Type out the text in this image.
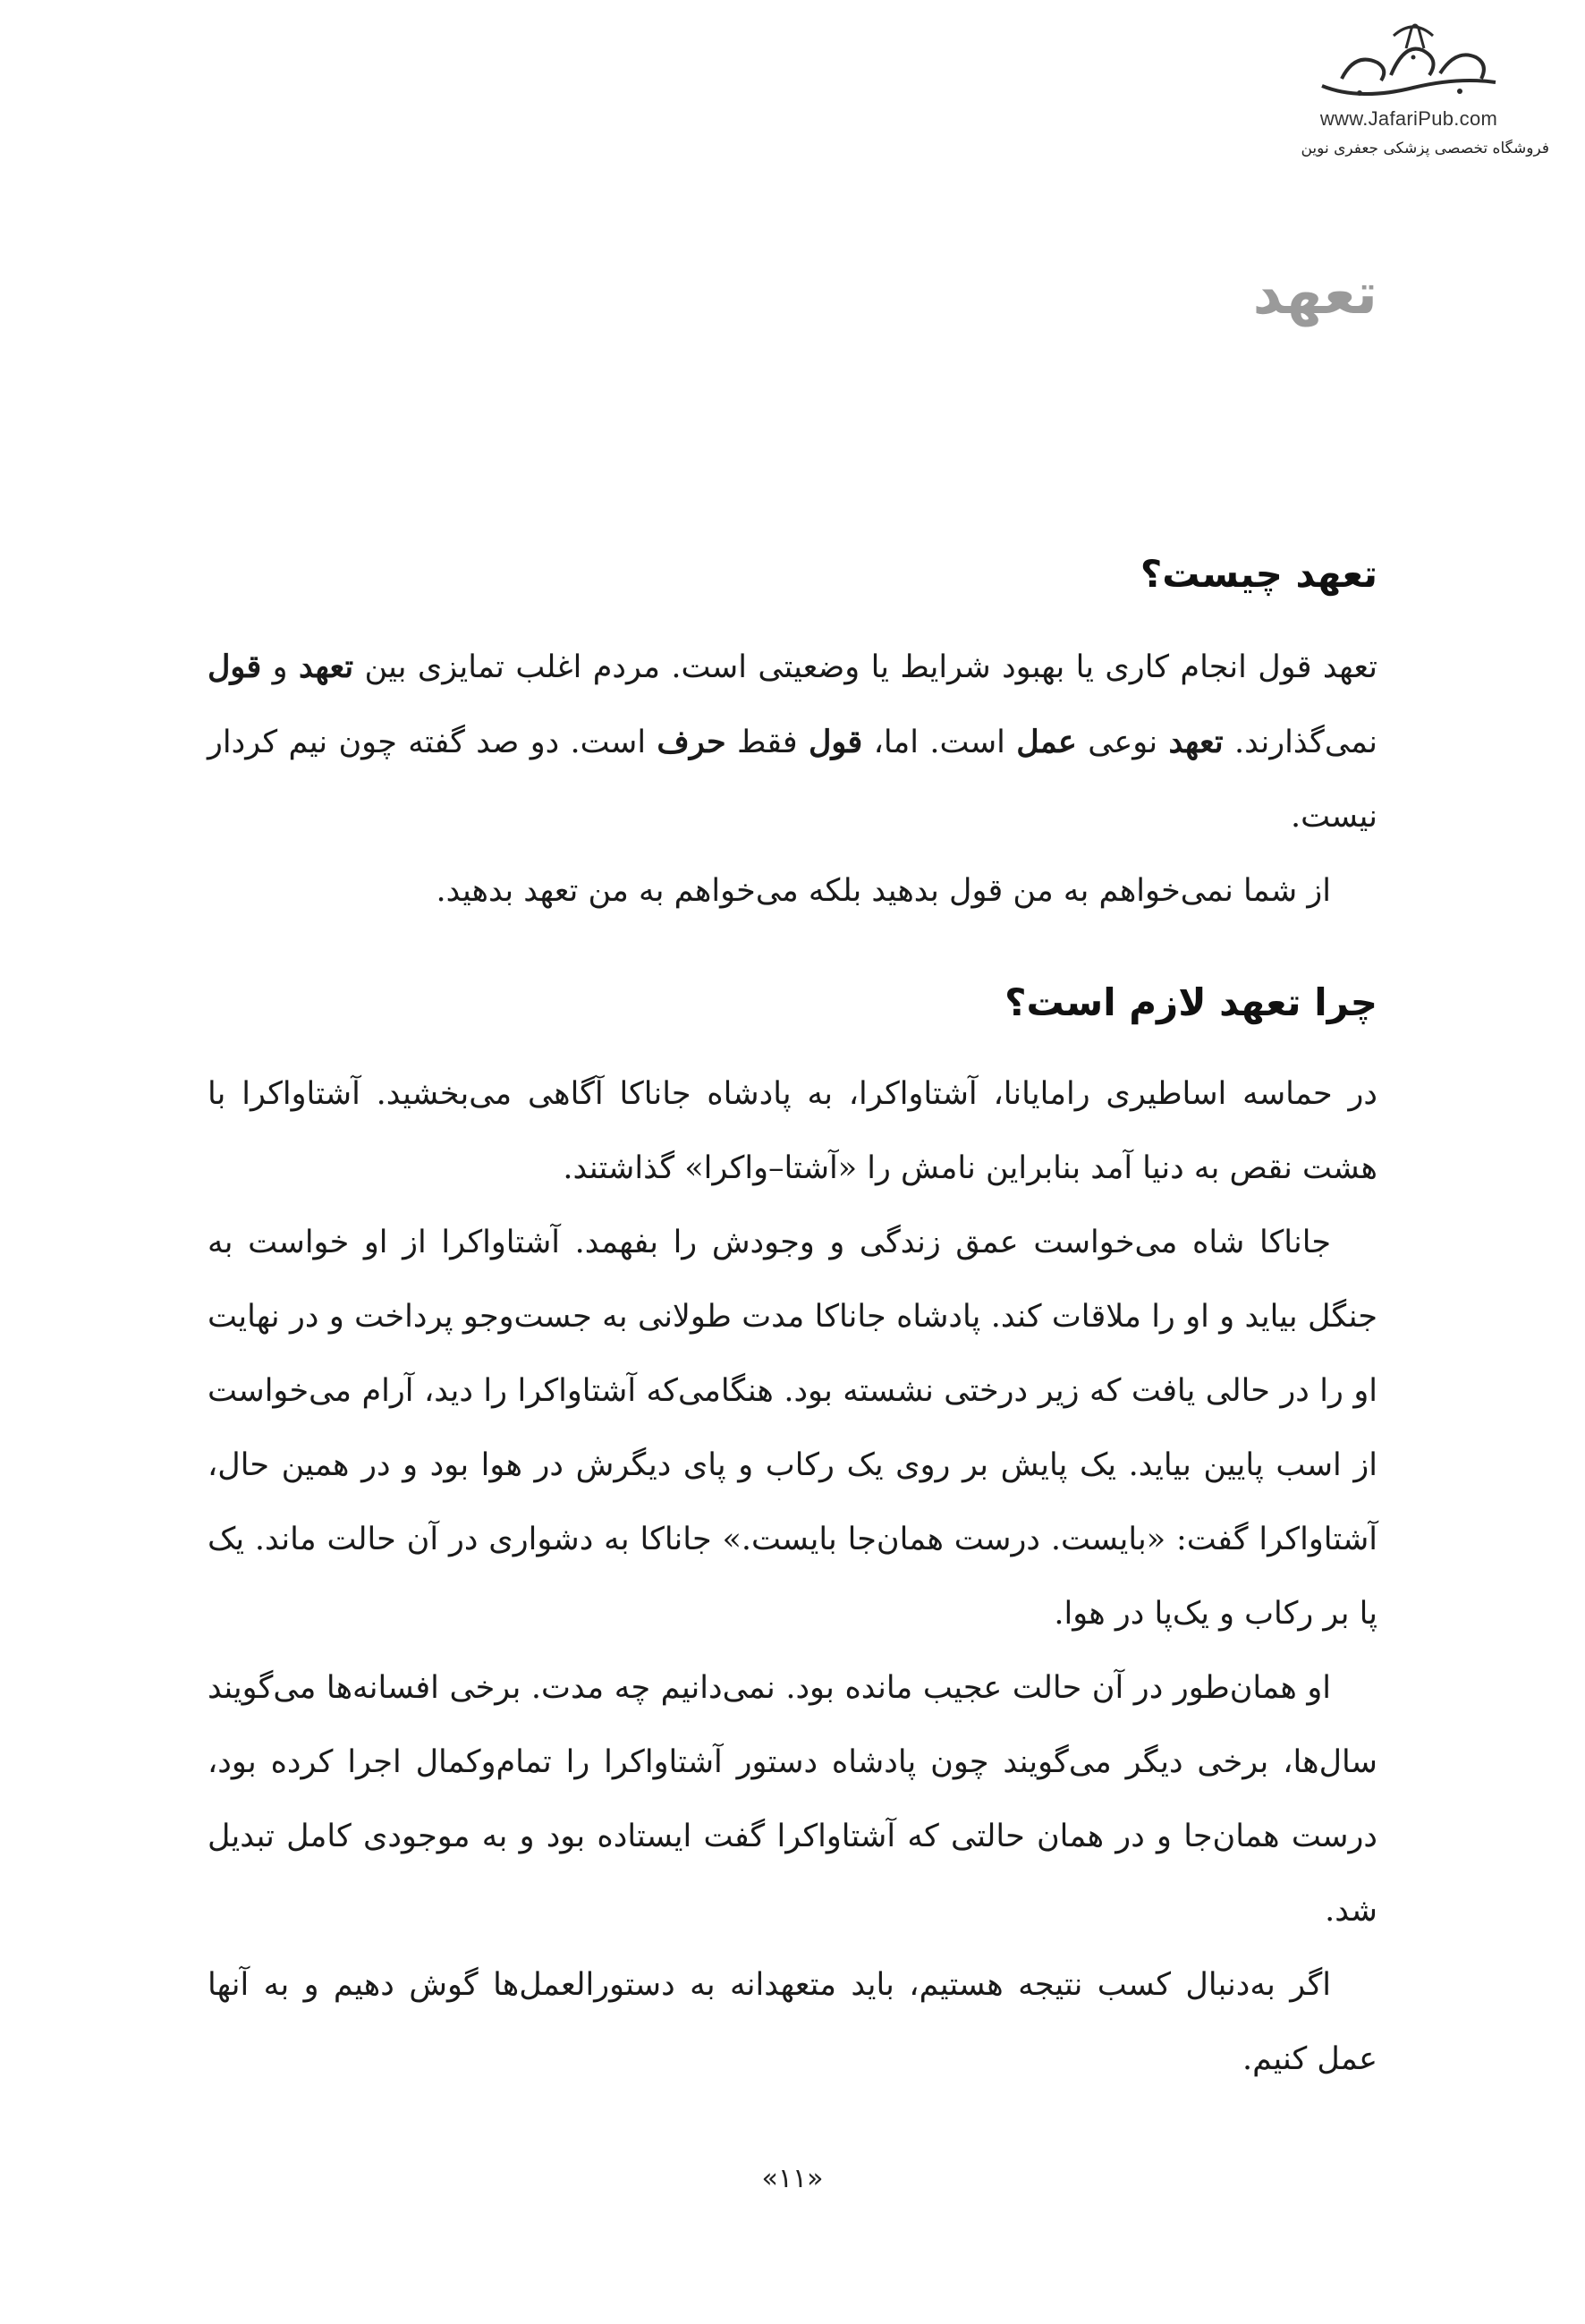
www.JafariPub.com
فروشگاه تخصصی پزشکی جعفری نوین
تعهد
تعهد چیست؟

تعهد قول انجام کاری یا بهبود شرایط یا وضعیتی است. مردم اغلب تمایزی بین تعهد و قول نمی‌گذارند. تعهد نوعی عمل است. اما، قول فقط حرف است. دو صد گفته چون نیم کردار نیست.

از شما نمی‌خواهم به من قول بدهید بلکه می‌خواهم به من تعهد بدهید.

چرا تعهد لازم است؟

در حماسه اساطیری رامایانا، آشتاواکرا، به پادشاه جاناکا آگاهی می‌بخشید. آشتاواکرا با هشت نقص به دنیا آمد بنابراین نامش را «آشتا–واکرا» گذاشتند.

جاناکا شاه می‌خواست عمق زندگی و وجودش را بفهمد. آشتاواکرا از او خواست به جنگل بیاید و او را ملاقات کند. پادشاه جاناکا مدت طولانی به جست‌وجو پرداخت و در نهایت او را در حالی یافت که زیر درختی نشسته بود. هنگامی‌که آشتاواکرا را دید، آرام می‌خواست از اسب پایین بیاید. یک پایش بر روی یک رکاب و پای دیگرش در هوا بود و در همین حال، آشتاواکرا گفت: «بایست. درست همان‌جا بایست.» جاناکا به دشواری در آن حالت ماند. یک پا بر رکاب و یک‌پا در هوا.

او همان‌طور در آن حالت عجیب مانده بود. نمی‌دانیم چه مدت. برخی افسانه‌ها می‌گویند سال‌ها، برخی دیگر می‌گویند چون پادشاه دستور آشتاواکرا را تمام‌وکمال اجرا کرده بود، درست همان‌جا و در همان حالتی که آشتاواکرا گفت ایستاده بود و به موجودی کامل تبدیل شد.

اگر به‌دنبال کسب نتیجه هستیم، باید متعهدانه به دستورالعمل‌ها گوش دهیم و به آنها عمل کنیم.

«۱۱»
